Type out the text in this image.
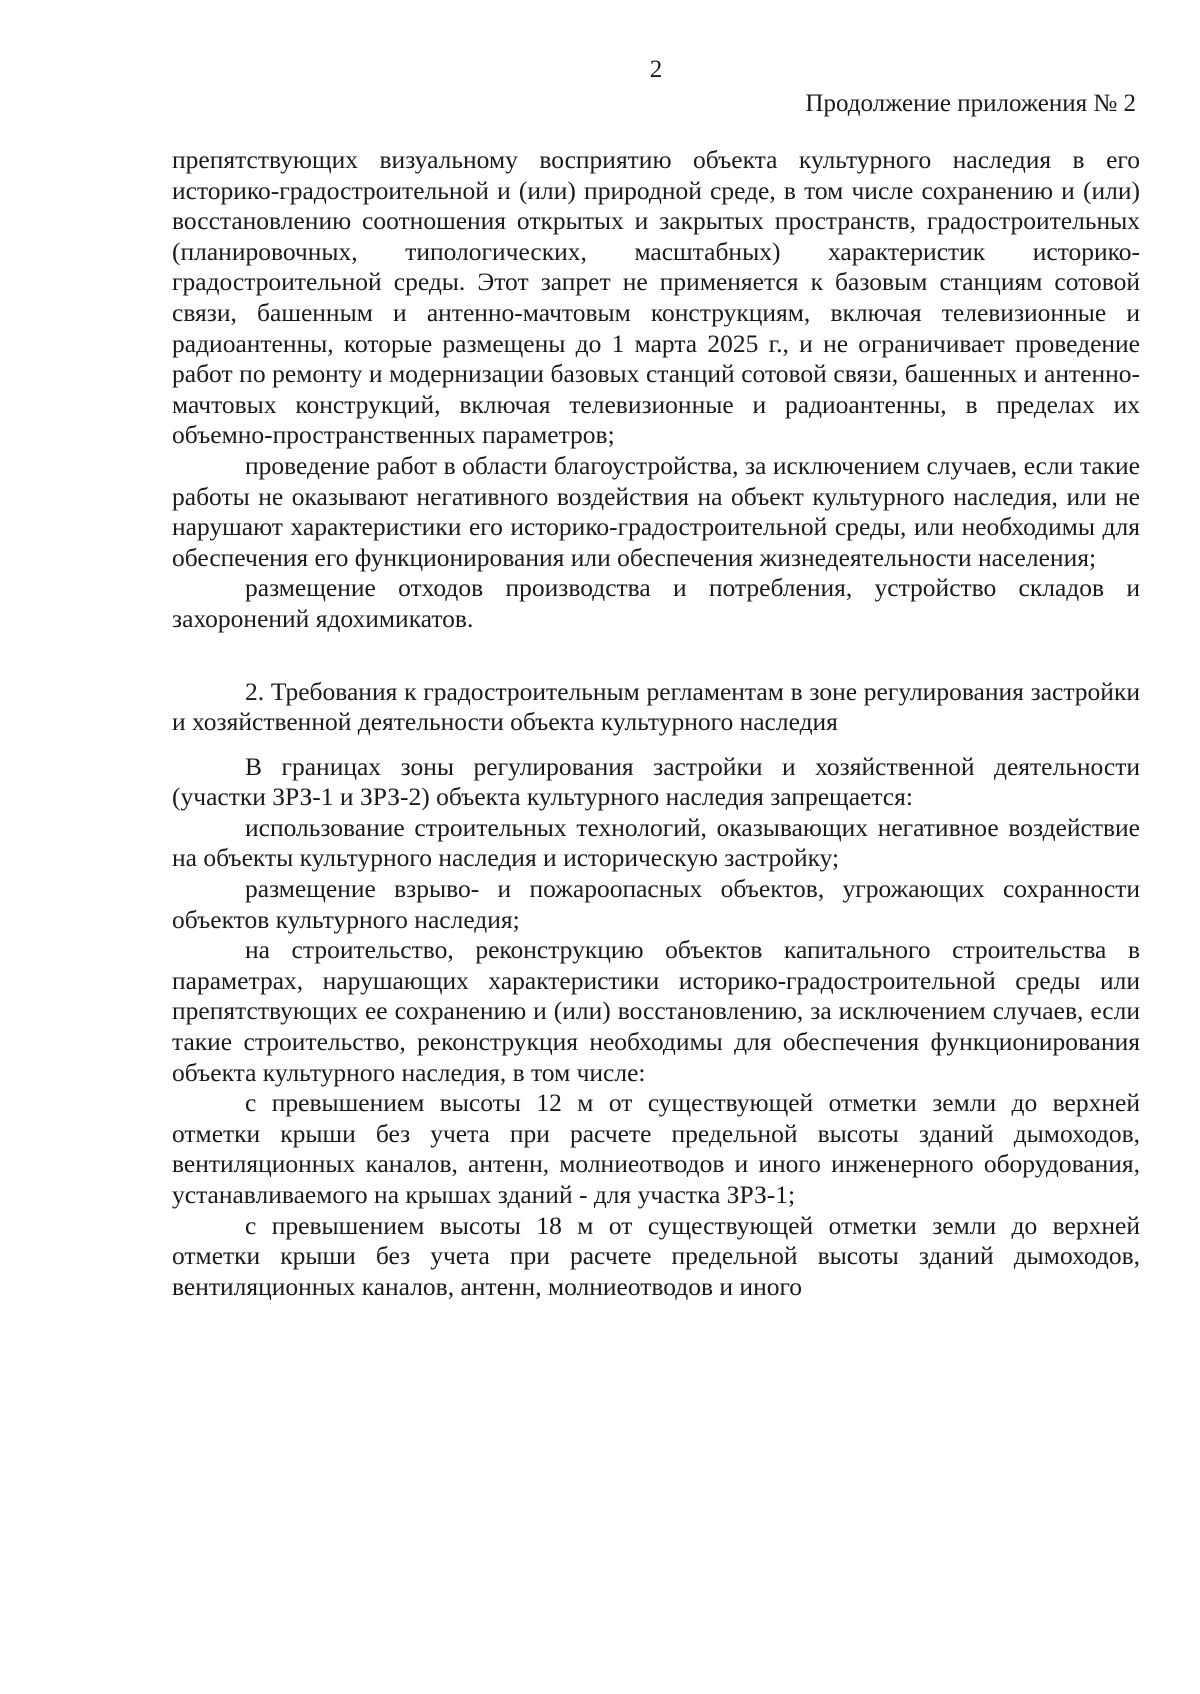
2
Продолжение приложения № 2

препятствующих визуальному восприятию объекта культурного наследия в его историко-градостроительной и (или) природной среде, в том числе сохранению и (или) восстановлению соотношения открытых и закрытых пространств, градостроительных (планировочных, типологических, масштабных) характеристик историко-градостроительной среды. Этот запрет не применяется к базовым станциям сотовой связи, башенным и антенно-мачтовым конструкциям, включая телевизионные и радиоантенны, которые размещены до 1 марта 2025 г., и не ограничивает проведение работ по ремонту и модернизации базовых станций сотовой связи, башенных и антенно-мачтовых конструкций, включая телевизионные и радиоантенны, в пределах их объемно-пространственных параметров;

проведение работ в области благоустройства, за исключением случаев, если такие работы не оказывают негативного воздействия на объект культурного наследия, или не нарушают характеристики его историко-градостроительной среды, или необходимы для обеспечения его функционирования или обеспечения жизнедеятельности населения;

размещение отходов производства и потребления, устройство складов и захоронений ядохимикатов.

2. Требования к градостроительным регламентам в зоне регулирования застройки и хозяйственной деятельности объекта культурного наследия

В границах зоны регулирования застройки и хозяйственной деятельности (участки ЗРЗ-1 и ЗРЗ-2) объекта культурного наследия запрещается:

использование строительных технологий, оказывающих негативное воздействие на объекты культурного наследия и историческую застройку;

размещение взрыво- и пожароопасных объектов, угрожающих сохранности объектов культурного наследия;

на строительство, реконструкцию объектов капитального строительства в параметрах, нарушающих характеристики историко-градостроительной среды или препятствующих ее сохранению и (или) восстановлению, за исключением случаев, если такие строительство, реконструкция необходимы для обеспечения функционирования объекта культурного наследия, в том числе:

с превышением высоты 12 м от существующей отметки земли до верхней отметки крыши без учета при расчете предельной высоты зданий дымоходов, вентиляционных каналов, антенн, молниеотводов и иного инженерного оборудования, устанавливаемого на крышах зданий - для участка ЗРЗ-1;

с превышением высоты 18 м от существующей отметки земли до верхней отметки крыши без учета при расчете предельной высоты зданий дымоходов, вентиляционных каналов, антенн, молниеотводов и иного
